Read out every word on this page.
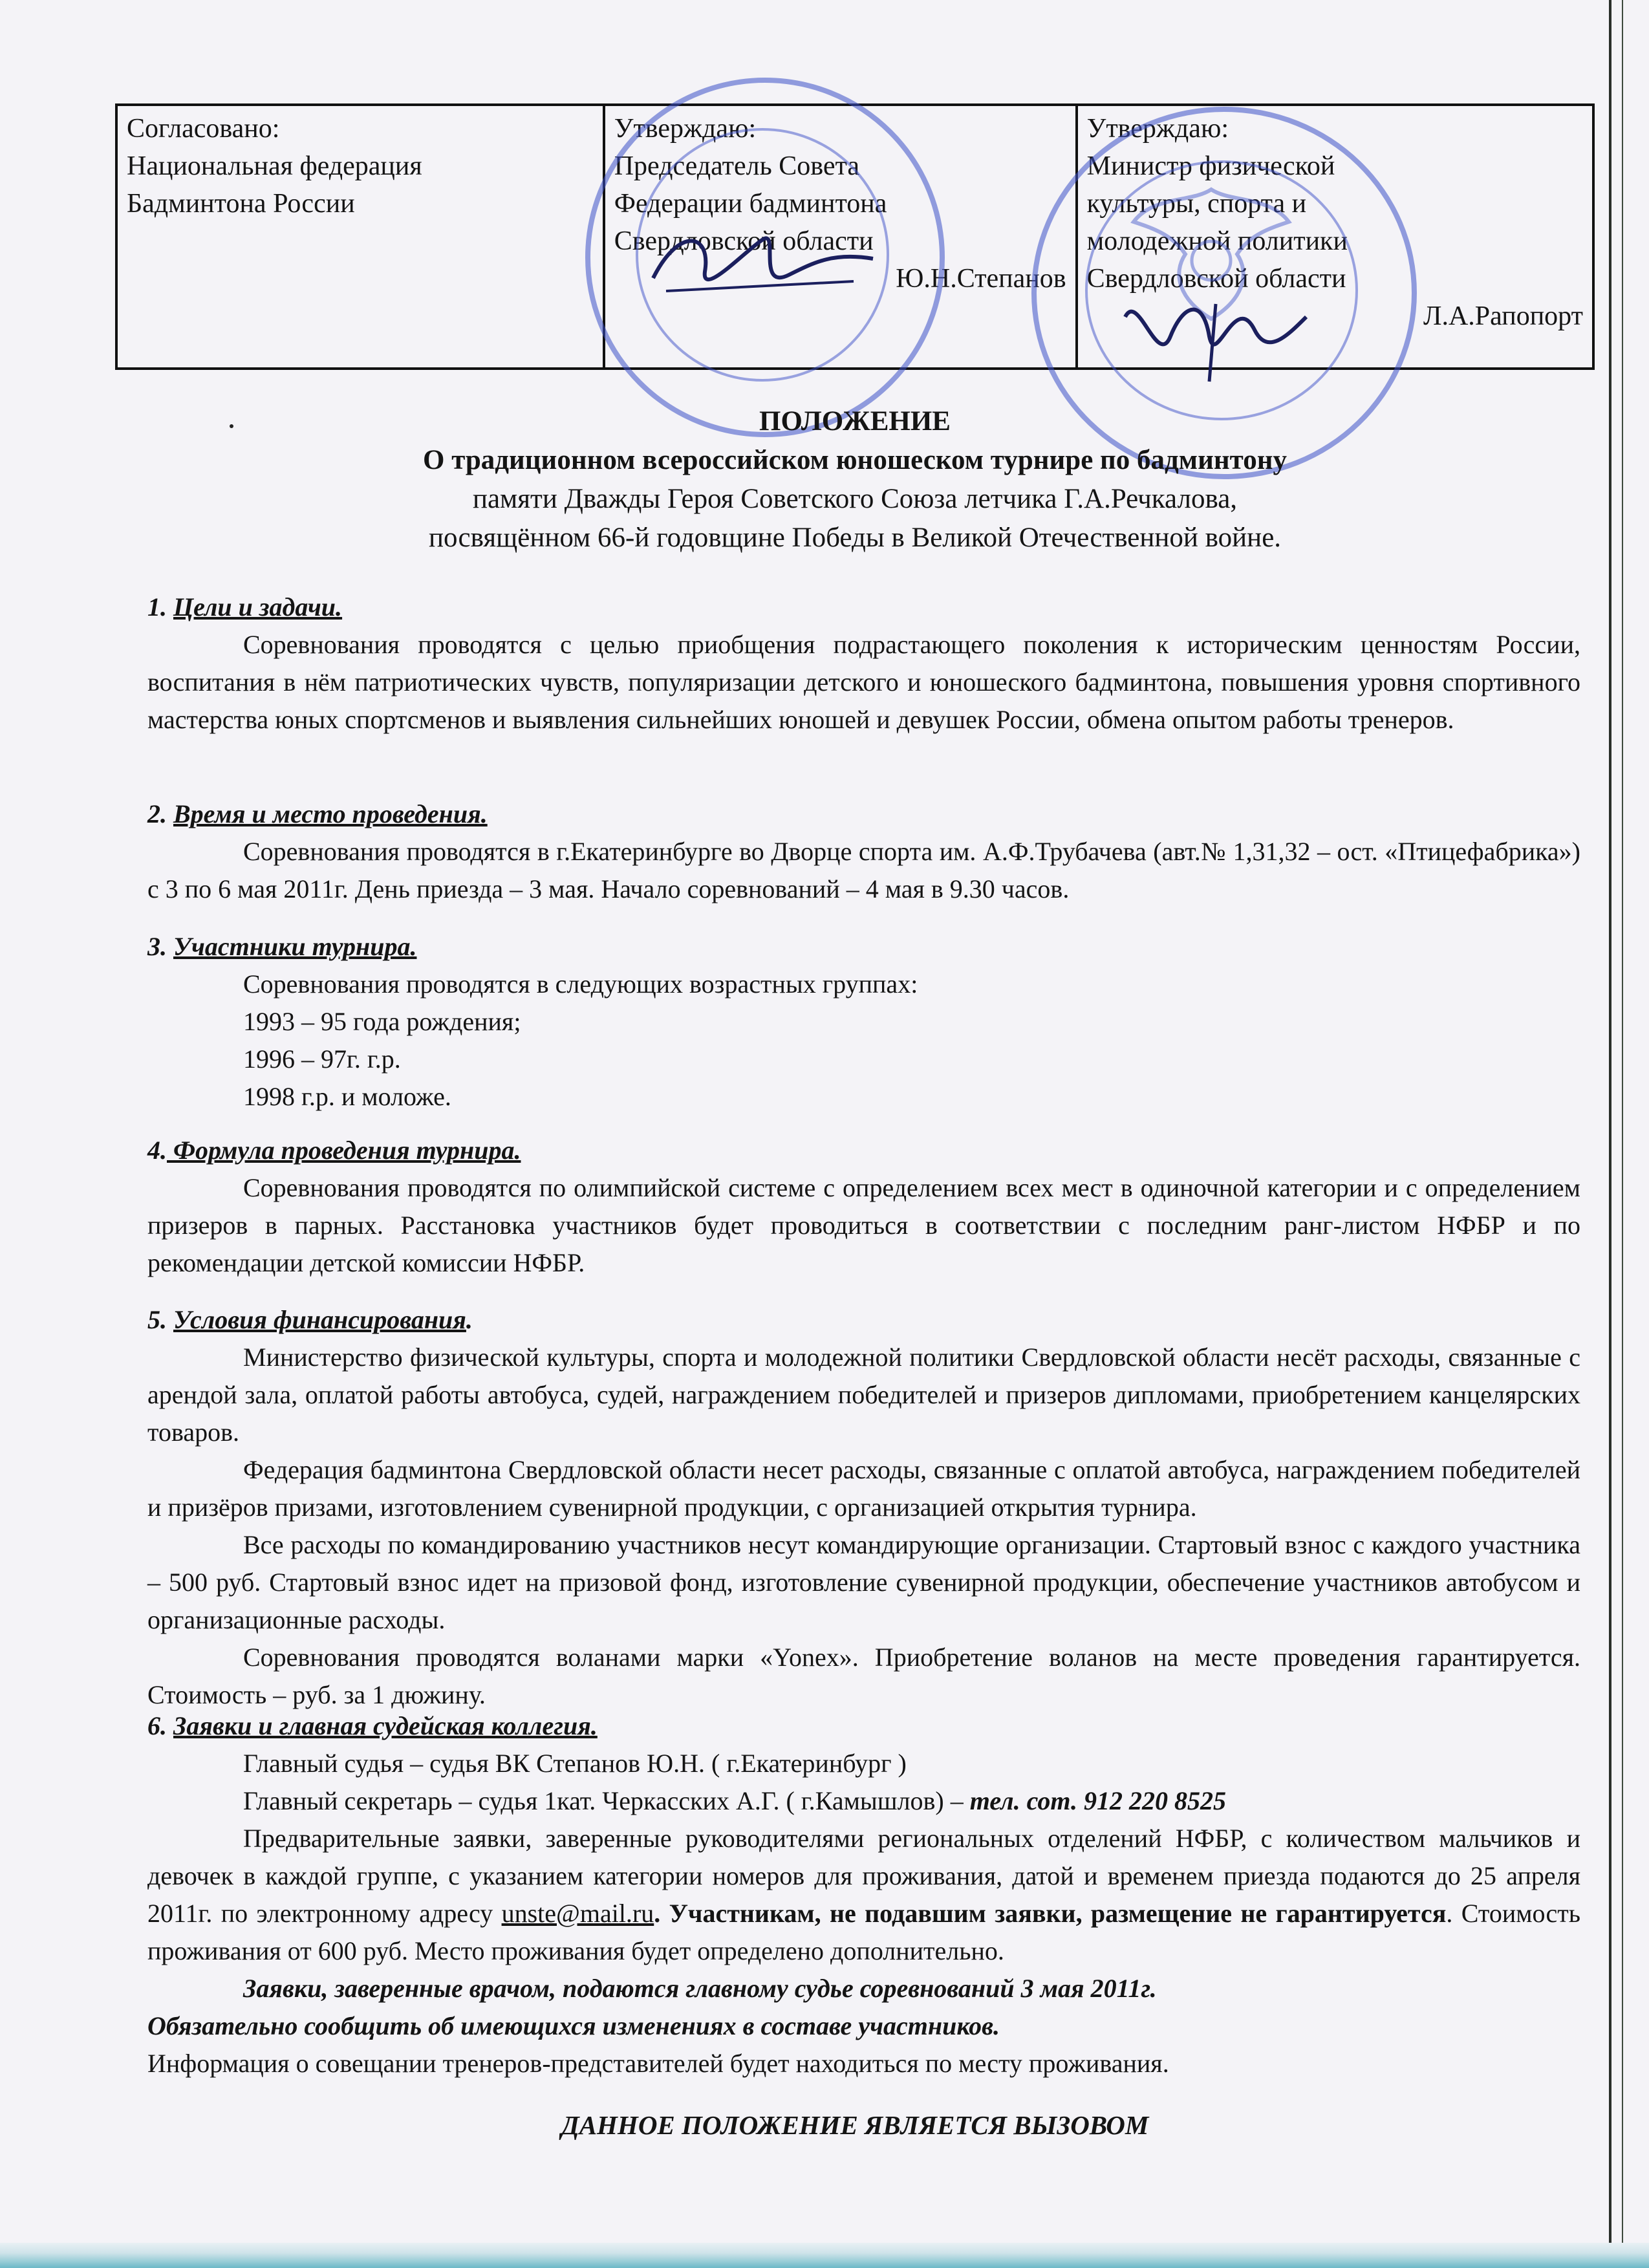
Согласовано:
Национальная федерация
Бадминтона России

Утверждаю:
Председатель Совета
Федерации бадминтона
Свердловской области
Ю.Н.Степанов

Утверждаю:
Министр физической
культуры, спорта и
молодежной политики
Свердловской области
Л.А.Рапопорт
ПОЛОЖЕНИЕ
О традиционном всероссийском юношеском турнире по бадминтону
памяти Дважды Героя Советского Союза летчика Г.А.Речкалова,
посвящённом 66-й годовщине Победы в Великой Отечественной войне.
1. Цели и задачи.

Соревнования проводятся с целью приобщения подрастающего поколения к историческим ценностям России, воспитания в нём патриотических чувств, популяризации детского и юношеского бадминтона, повышения уровня спортивного мастерства юных спортсменов и выявления сильнейших юношей и девушек России, обмена опытом работы тренеров.

2. Время и место проведения.

Соревнования проводятся в г.Екатеринбурге во Дворце спорта им. А.Ф.Трубачева (авт.№ 1,31,32 – ост. «Птицефабрика») с 3 по 6 мая 2011г. День приезда – 3 мая. Начало соревнований – 4 мая в 9.30 часов.

3. Участники турнира.

Соревнования проводятся в следующих возрастных группах:

1993 – 95 года рождения;

1996 – 97г. г.р.

1998 г.р. и моложе.

4. Формула проведения турнира.

Соревнования проводятся по олимпийской системе с определением всех мест в одиночной категории и с определением призеров в парных. Расстановка участников будет проводиться в соответствии с последним ранг-листом НФБР и по рекомендации детской комиссии НФБР.

5. Условия финансирования.

Министерство физической культуры, спорта и молодежной политики Свердловской области несёт расходы, связанные с арендой зала, оплатой работы автобуса, судей, награждением победителей и призеров дипломами, приобретением канцелярских товаров.

Федерация бадминтона Свердловской области несет расходы, связанные с оплатой автобуса, награждением победителей и призёров призами, изготовлением сувенирной продукции, с организацией открытия турнира.

Все расходы по командированию участников несут командирующие организации. Стартовый взнос с каждого участника – 500 руб. Стартовый взнос идет на призовой фонд, изготовление сувенирной продукции, обеспечение участников автобусом и организационные расходы.

Соревнования проводятся воланами марки «Yonex». Приобретение воланов на месте проведения гарантируется. Стоимость – руб. за 1 дюжину.

6. Заявки и главная судейская коллегия.

Главный судья – судья ВК Степанов Ю.Н. ( г.Екатеринбург )

Главный секретарь – судья 1кат. Черкасских А.Г. ( г.Камышлов) – тел. сот. 912 220 8525

Предварительные заявки, заверенные руководителями региональных отделений НФБР, с количеством мальчиков и девочек в каждой группе, с указанием категории номеров для проживания, датой и временем приезда подаются до 25 апреля 2011г. по электронному адресу unste@mail.ru. Участникам, не подавшим заявки, размещение не гарантируется. Стоимость проживания от 600 руб. Место проживания будет определено дополнительно.

Заявки, заверенные врачом, подаются главному судье соревнований 3 мая 2011г.

Обязательно сообщить об имеющихся изменениях в составе участников.

Информация о совещании тренеров-представителей будет находиться по месту проживания.

ДАННОЕ ПОЛОЖЕНИЕ ЯВЛЯЕТСЯ ВЫЗОВОМ
